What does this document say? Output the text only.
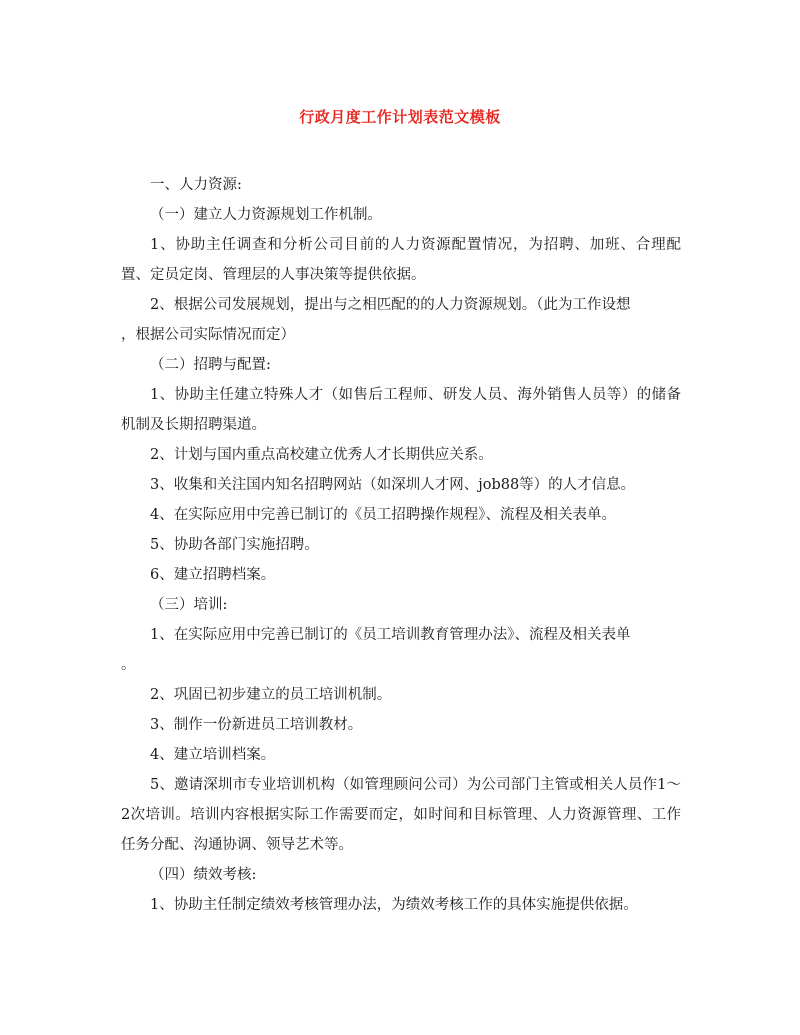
行政月度工作计划表范文模板

一、人力资源:

（一）建立人力资源规划工作机制。

1、协助主任调查和分析公司目前的人力资源配置情况，为招聘、加班、合理配置、定员定岗、管理层的人事决策等提供依据。

2、根据公司发展规划，提出与之相匹配的的人力资源规划。（此为工作设想

，根据公司实际情况而定）

（二）招聘与配置:

1、协助主任建立特殊人才（如售后工程师、研发人员、海外销售人员等）的储备机制及长期招聘渠道。

2、计划与国内重点高校建立优秀人才长期供应关系。

3、收集和关注国内知名招聘网站（如深圳人才网、job88等）的人才信息。

4、在实际应用中完善已制订的《员工招聘操作规程》、流程及相关表单。

5、协助各部门实施招聘。

6、建立招聘档案。

（三）培训:

1、在实际应用中完善已制订的《员工培训教育管理办法》、流程及相关表单

。

2、巩固已初步建立的员工培训机制。

3、制作一份新进员工培训教材。

4、建立培训档案。

5、邀请深圳市专业培训机构（如管理顾问公司）为公司部门主管或相关人员作1～2次培训。培训内容根据实际工作需要而定，如时间和目标管理、人力资源管理、工作任务分配、沟通协调、领导艺术等。

（四）绩效考核:

1、协助主任制定绩效考核管理办法，为绩效考核工作的具体实施提供依据。
